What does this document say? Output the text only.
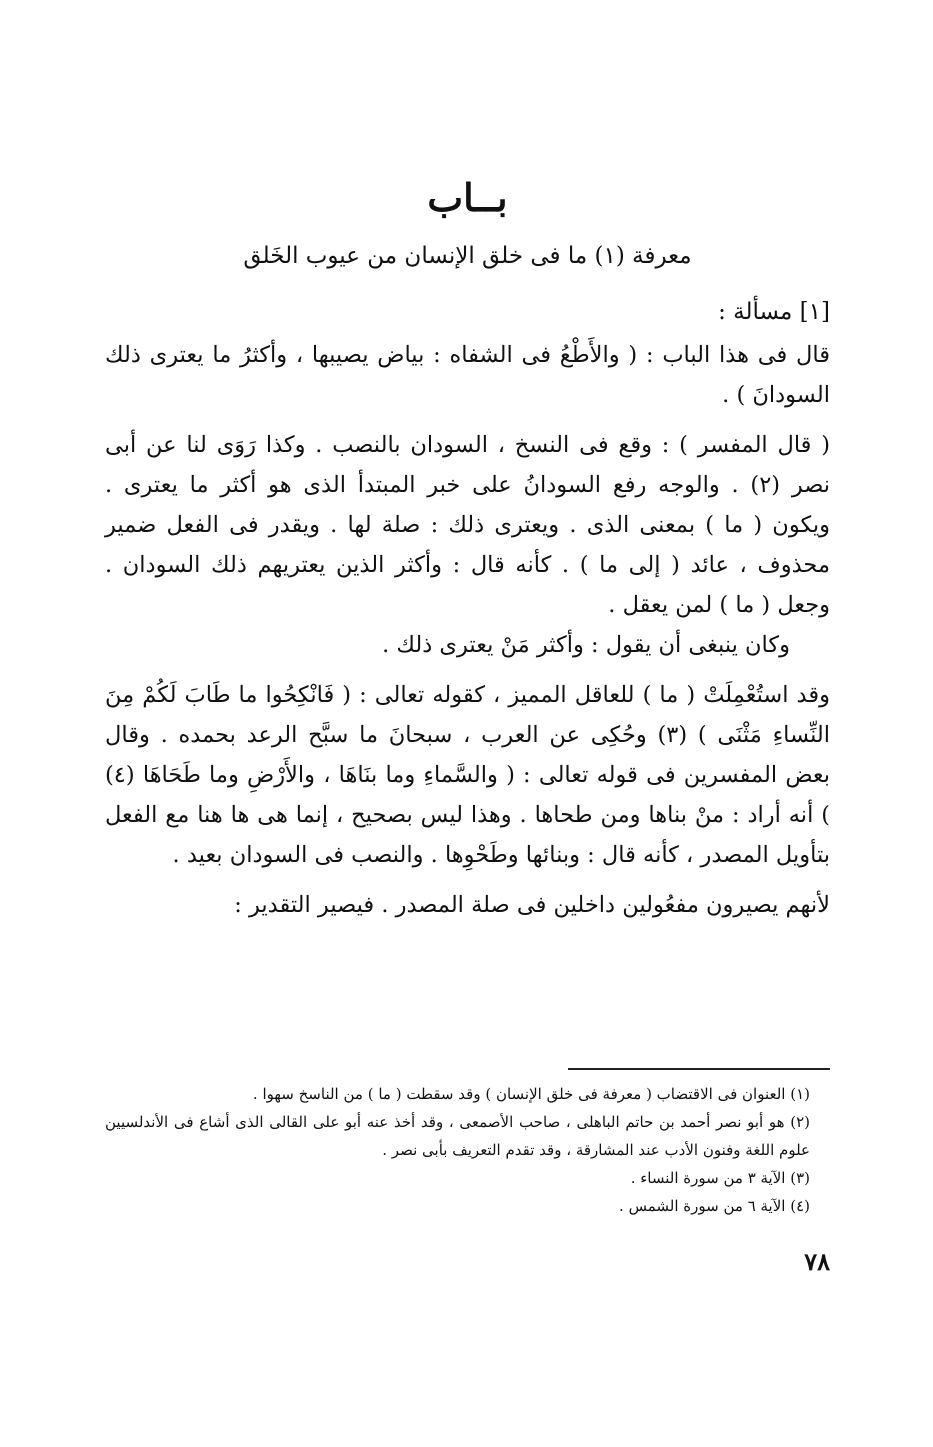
بــاب
معرفة (١) ما فى خلق الإنسان من عيوب الخَلق
[١] مسألة :

قال فى هذا الباب : ( والأَطْعُ فى الشفاه : بياض يصيبها ، وأكثرُ ما يعترى ذلك السودانَ ) .

( قال المفسر ) : وقع فى النسخ ، السودان بالنصب . وكذا رَوَى لنا عن أبى نصر (٢) . والوجه رفع السودانُ على خبر المبتدأ الذى هو أكثر ما يعترى . ويكون ( ما ) بمعنى الذى . ويعترى ذلك : صلة لها . ويقدر فى الفعل ضمير محذوف ، عائد ( إلى ما ) . كأنه قال : وأكثر الذين يعتريهم ذلك السودان . وجعل ( ما ) لمن يعقل .

وكان ينبغى أن يقول : وأكثر مَنْ يعترى ذلك .

وقد استُعْمِلَتْ ( ما ) للعاقل المميز ، كقوله تعالى : ( فَانْكِحُوا ما طَابَ لَكُمْ مِنَ النِّساءِ مَثْنَى ) (٣) وحُكِى عن العرب ، سبحانَ ما سبَّح الرعد بحمده . وقال بعض المفسرين فى قوله تعالى : ( والسَّماءِ وما بنَاهَا ، والأَرْضِ وما طَحَاهَا (٤) ) أنه أراد : منْ بناها ومن طحاها . وهذا ليس بصحيح ، إنما هى ها هنا مع الفعل بتأويل المصدر ، كأنه قال : وبنائها وطَحْوِها . والنصب فى السودان بعيد .

لأنهم يصيرون مفعُولين داخلين فى صلة المصدر . فيصير التقدير :

(١) العنوان فى الاقتضاب ( معرفة فى خلق الإنسان ) وقد سقطت ( ما ) من الناسخ سهوا .

(٢) هو أبو نصر أحمد بن حاتم الباهلى ، صاحب الأصمعى ، وقد أخذ عنه أبو على القالى الذى أشاع فى الأندلسيين علوم اللغة وفنون الأدب عند المشارقة ، وقد تقدم التعريف بأبى نصر .

(٣) الآية ٣ من سورة النساء .

(٤) الآية ٦ من سورة الشمس .

٧٨
